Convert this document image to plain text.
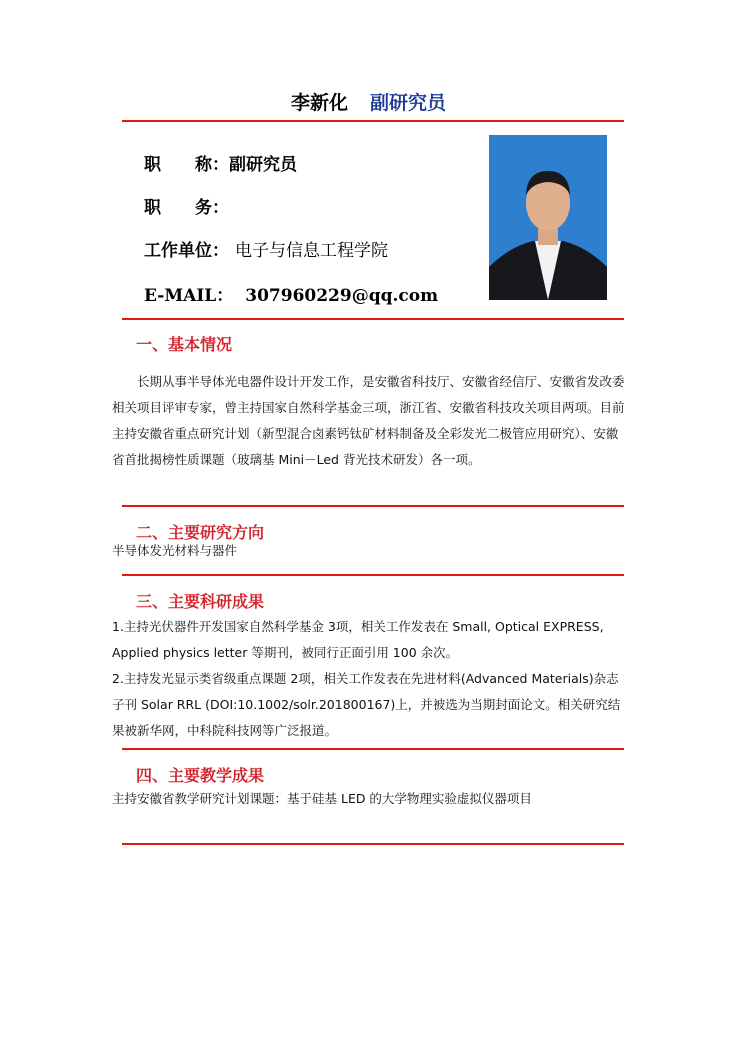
李新化 副研究员
职　　称：副研究员
职　　务：
工作单位： 电子与信息工程学院
E-MAIL： 307960229@qq.com
一、基本情况

长期从事半导体光电器件设计开发工作，是安徽省科技厅、安徽省经信厅、安徽省发改委相关项目评审专家，曾主持国家自然科学基金三项，浙江省、安徽省科技攻关项目两项。目前主持安徽省重点研究计划（新型混合卤素钙钛矿材料制备及全彩发光二极管应用研究）、安徽省首批揭榜性质课题（玻璃基 Mini－Led 背光技术研发）各一项。

二、主要研究方向

半导体发光材料与器件

三、主要科研成果

1.主持光伏器件开发国家自然科学基金 3项，相关工作发表在 Small, Optical EXPRESS, Applied physics letter 等期刊，被同行正面引用 100 余次。

2.主持发光显示类省级重点课题 2项，相关工作发表在先进材料(Advanced Materials)杂志子刊 Solar RRL (DOI:10.1002/solr.201800167)上，并被选为当期封面论文。相关研究结果被新华网，中科院科技网等广泛报道。

四、主要教学成果

主持安徽省教学研究计划课题：基于硅基 LED 的大学物理实验虚拟仪器项目
